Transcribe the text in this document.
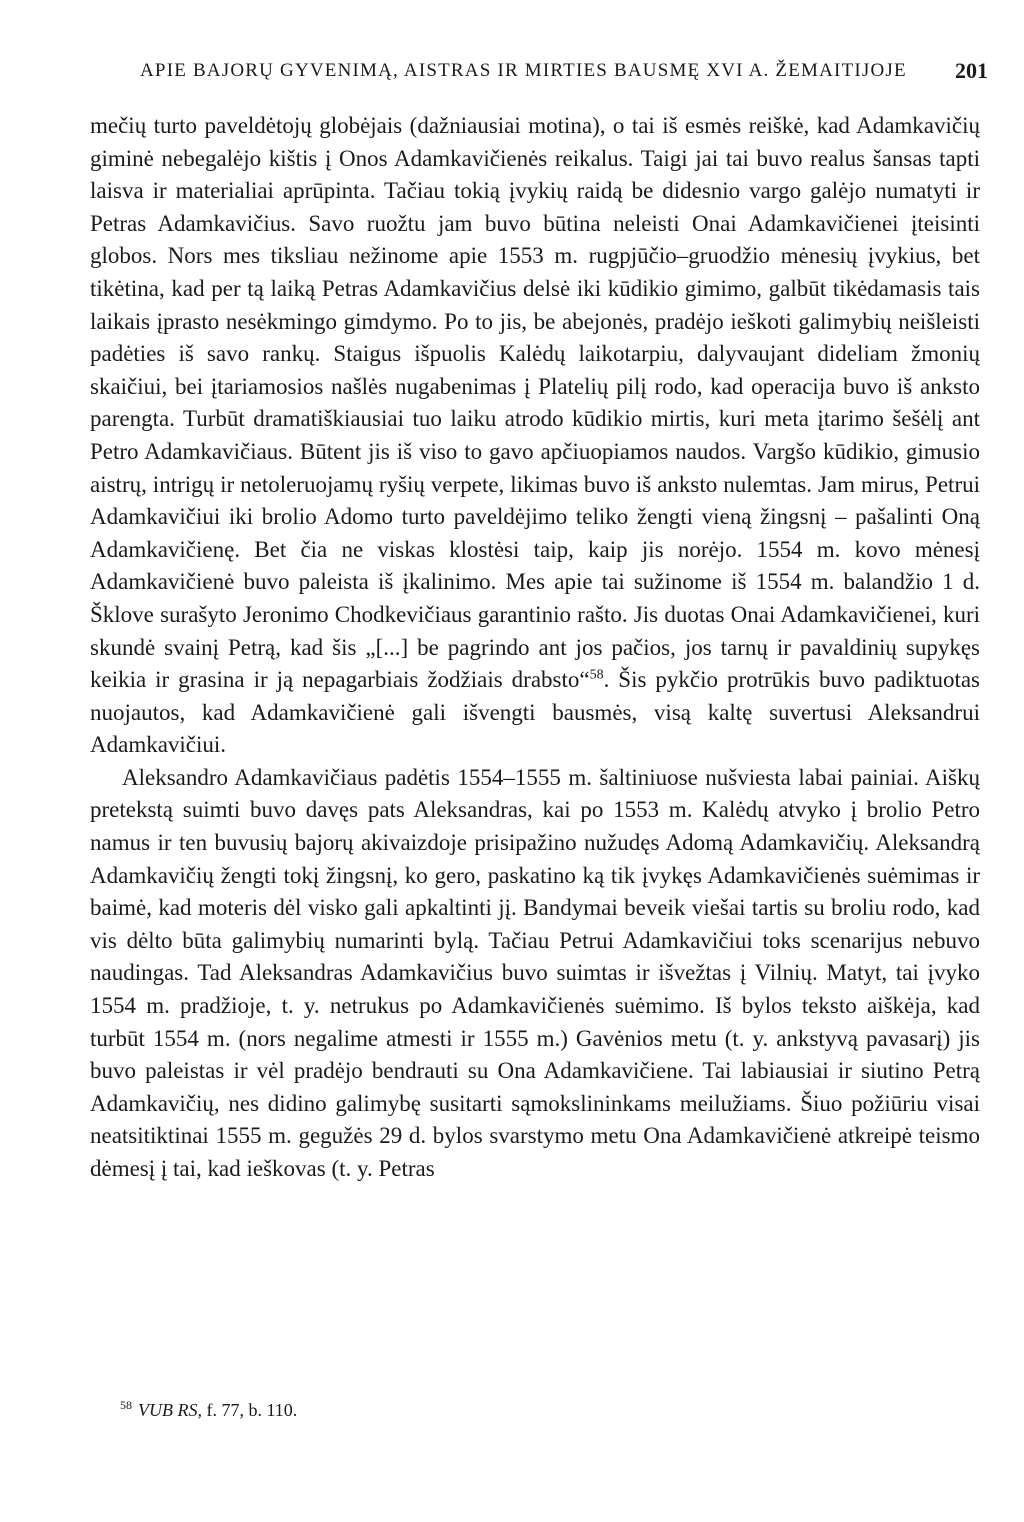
APIE BAJORŲ GYVENIMĄ, AISTRAS IR MIRTIES BAUSMĘ XVI A. ŽEMAITIJOJE 201

mečių turto paveldėtojų globėjais (dažniausiai motina), o tai iš esmės reiškė, kad Adamkavičių giminė nebegalėjo kištis į Onos Adamkavičienės reikalus. Taigi jai tai buvo realus šansas tapti laisva ir materialiai aprūpinta. Tačiau tokią įvykių raidą be didesnio vargo galėjo numatyti ir Petras Adamkavičius. Savo ruožtu jam buvo būtina neleisti Onai Adamkavičienei įteisinti globos. Nors mes tiksliau nežinome apie 1553 m. rugpjūčio–gruodžio mėnesių įvykius, bet tikėtina, kad per tą laiką Petras Adamkavičius delsė iki kūdikio gimimo, galbūt tikėdamasis tais laikais įprasto nesėkmingo gimdymo. Po to jis, be abejonės, pradėjo ieškoti galimybių neišleisti padėties iš savo rankų. Staigus išpuolis Kalėdų laikotarpiu, dalyvaujant dideliam žmonių skaičiui, bei įtariamosios našlės nugabenimas į Platelių pilį rodo, kad operacija buvo iš anksto parengta. Turbūt dramatiškiausiai tuo laiku atrodo kūdikio mirtis, kuri meta įtarimo šešėlį ant Petro Adamkavičiaus. Būtent jis iš viso to gavo apčiuopiamos naudos. Vargšo kūdikio, gimusio aistrų, intrigų ir netoleruojamų ryšių verpete, likimas buvo iš anksto nulemtas. Jam mirus, Petrui Adamkavičiui iki brolio Adomo turto paveldėjimo teliko žengti vieną žingsnį – pašalinti Oną Adamkavičienę. Bet čia ne viskas klostėsi taip, kaip jis norėjo. 1554 m. kovo mėnesį Adamkavičienė buvo paleista iš įkalinimo. Mes apie tai sužinome iš 1554 m. balandžio 1 d. Šklove surašyto Jeronimo Chodkevičiaus garantinio rašto. Jis duotas Onai Adamkavičienei, kuri skundė svainį Petrą, kad šis „[...] be pagrindo ant jos pačios, jos tarnų ir pavaldinių supykęs keikia ir grasina ir ją nepagarbiais žodžiais drabsto“$^{58}$. Šis pykčio protrūkis buvo padiktuotas nuojautos, kad Adamkavičienė gali išvengti bausmės, visą kaltę suvertusi Aleksandrui Adamkavičiui.

Aleksandro Adamkavičiaus padėtis 1554–1555 m. šaltiniuose nušviesta labai painiai. Aiškų pretekstą suimti buvo davęs pats Aleksandras, kai po 1553 m. Kalėdų atvyko į brolio Petro namus ir ten buvusių bajorų akivaizdoje prisipažino nužudęs Adomą Adamkavičių. Aleksandrą Adamkavičių žengti tokį žingsnį, ko gero, paskatino ką tik įvykęs Adamkavičienės suėmimas ir baimė, kad moteris dėl visko gali apkaltinti jį. Bandymai beveik viešai tartis su broliu rodo, kad vis dėlto būta galimybių numarinti bylą. Tačiau Petrui Adamkavičiui toks scenarijus nebuvo naudingas. Tad Aleksandras Adamkavičius buvo suimtas ir išvežtas į Vilnių. Matyt, tai įvyko 1554 m. pradžioje, t. y. netrukus po Adamkavičienės suėmimo. Iš bylos teksto aiškėja, kad turbūt 1554 m. (nors negalime atmesti ir 1555 m.) Gavėnios metu (t. y. ankstyvą pavasarį) jis buvo paleistas ir vėl pradėjo bendrauti su Ona Adamkavičiene. Tai labiausiai ir siutino Petrą Adamkavičių, nes didino galimybę susitarti sąmokslininkams meilužiams. Šiuo požiūriu visai neatsitiktinai 1555 m. gegužės 29 d. bylos svarstymo metu Ona Adamkavičienė atkreipė teismo dėmesį į tai, kad ieškovas (t. y. Petras

$^{58}$ VUB RS, f. 77, b. 110.
